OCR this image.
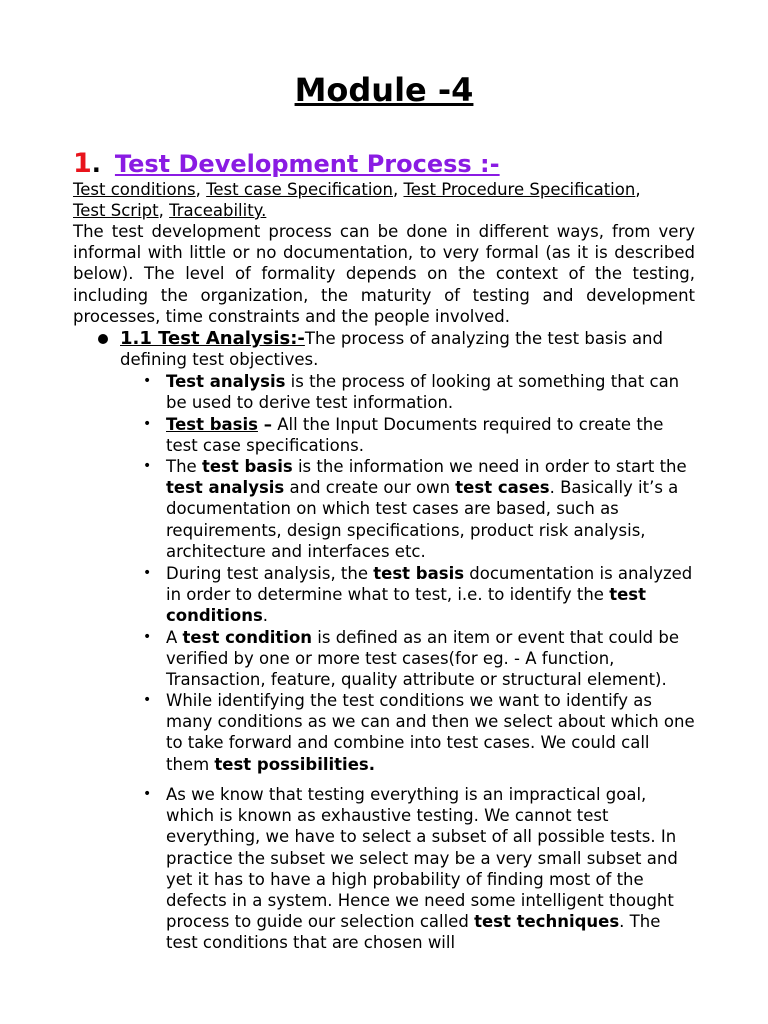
Module -4
1. Test Development Process :-
Test conditions, Test case Specification, Test Procedure Specification,
Test Script, Traceability.
The test development process can be done in different ways, from very informal with little or no documentation, to very formal (as it is described below). The level of formality depends on the context of the testing, including the organization, the maturity of testing and development processes, time constraints and the people involved.
1.1 Test Analysis:-The process of analyzing the test basis and defining test objectives.
• Test analysis is the process of looking at something that can be used to derive test information.
• Test basis – All the Input Documents required to create the test case specifications.
• The test basis is the information we need in order to start the test analysis and create our own test cases. Basically it’s a documentation on which test cases are based, such as requirements, design specifications, product risk analysis, architecture and interfaces etc.
• During test analysis, the test basis documentation is analyzed in order to determine what to test, i.e. to identify the test conditions.
• A test condition is defined as an item or event that could be verified by one or more test cases(for eg. - A function, Transaction, feature, quality attribute or structural element).
• While identifying the test conditions we want to identify as many conditions as we can and then we select about which one to take forward and combine into test cases. We could call them test possibilities.
• As we know that testing everything is an impractical goal, which is known as exhaustive testing. We cannot test everything, we have to select a subset of all possible tests. In practice the subset we select may be a very small subset and yet it has to have a high probability of finding most of the defects in a system. Hence we need some intelligent thought process to guide our selection called test techniques. The test conditions that are chosen will
